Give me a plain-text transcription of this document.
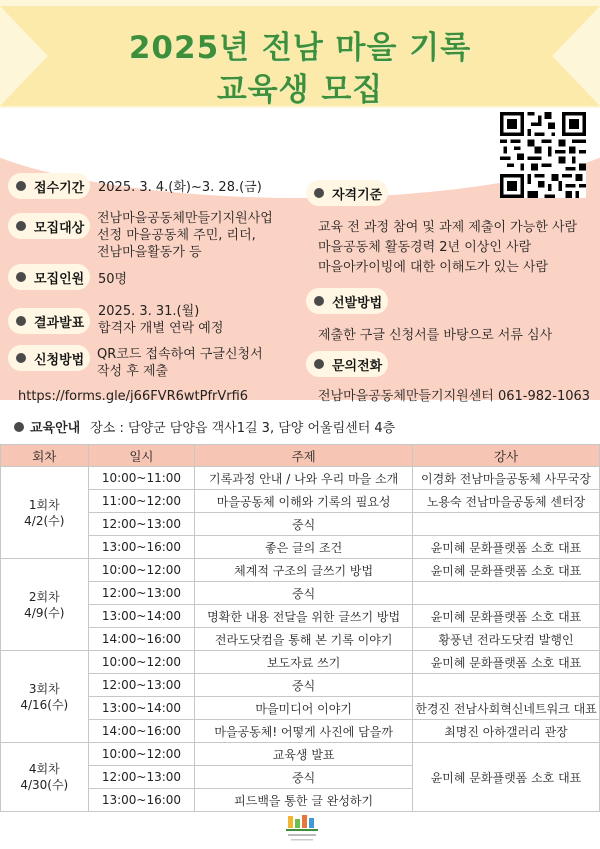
2025년 전남 마을 기록
교육생 모집
접수기간 2025. 3. 4.(화)~3. 28.(금)
모집대상
전남마을공동체만들기지원사업
선정 마을공동체 주민, 리더,
전남마을활동가 등
모집인원 50명
결과발표
2025. 3. 31.(월)
합격자 개별 연락 예정
신청방법 QR코드 접속하여 구글신청서
작성 후 제출
https://forms.gle/j66FVR6wtPfrVrfi6
자격기준
교육 전 과정 참여 및 과제 제출이 가능한 사람
마을공동체 활동경력 2년 이상인 사람
마을아카이빙에 대한 이해도가 있는 사람
선발방법
제출한 구글 신청서를 바탕으로 서류 심사
문의전화
전남마을공동체만들기지원센터 061-982-1063
교육안내 장소 : 담양군 담양읍 객사1길 3, 담양 어울림센터 4층
회차	일시	주제	강사

1회차
4/2(수)	10:00~11:00	기록과정 안내 / 나와 우리 마을 소개	이경화 전남마을공동체 사무국장
	11:00~12:00	마을공동체 이해와 기록의 필요성	노용숙 전남마을공동체 센터장
	12:00~13:00	중식	
	13:00~16:00	좋은 글의 조건	윤미혜 문화플랫폼 소호 대표

2회차
4/9(수)	10:00~12:00	체계적 구조의 글쓰기 방법	윤미혜 문화플랫폼 소호 대표
	12:00~13:00	중식	
	13:00~14:00	명확한 내용 전달을 위한 글쓰기 방법	윤미혜 문화플랫폼 소호 대표
	14:00~16:00	전라도닷컴을 통해 본 기록 이야기	황풍년 전라도닷컴 발행인

3회차
4/16(수)	10:00~12:00	보도자료 쓰기	윤미혜 문화플랫폼 소호 대표
	12:00~13:00	중식	
	13:00~14:00	마을미디어 이야기	한경진 전남사회혁신네트워크 대표
	14:00~16:00	마을공동체! 어떻게 사진에 담을까	최명진 아하갤러리 관장

4회차
4/30(수)	10:00~12:00	교육생 발표	윤미혜 문화플랫폼 소호 대표
	12:00~13:00	중식	
	13:00~16:00	피드백을 통한 글 완성하기	
